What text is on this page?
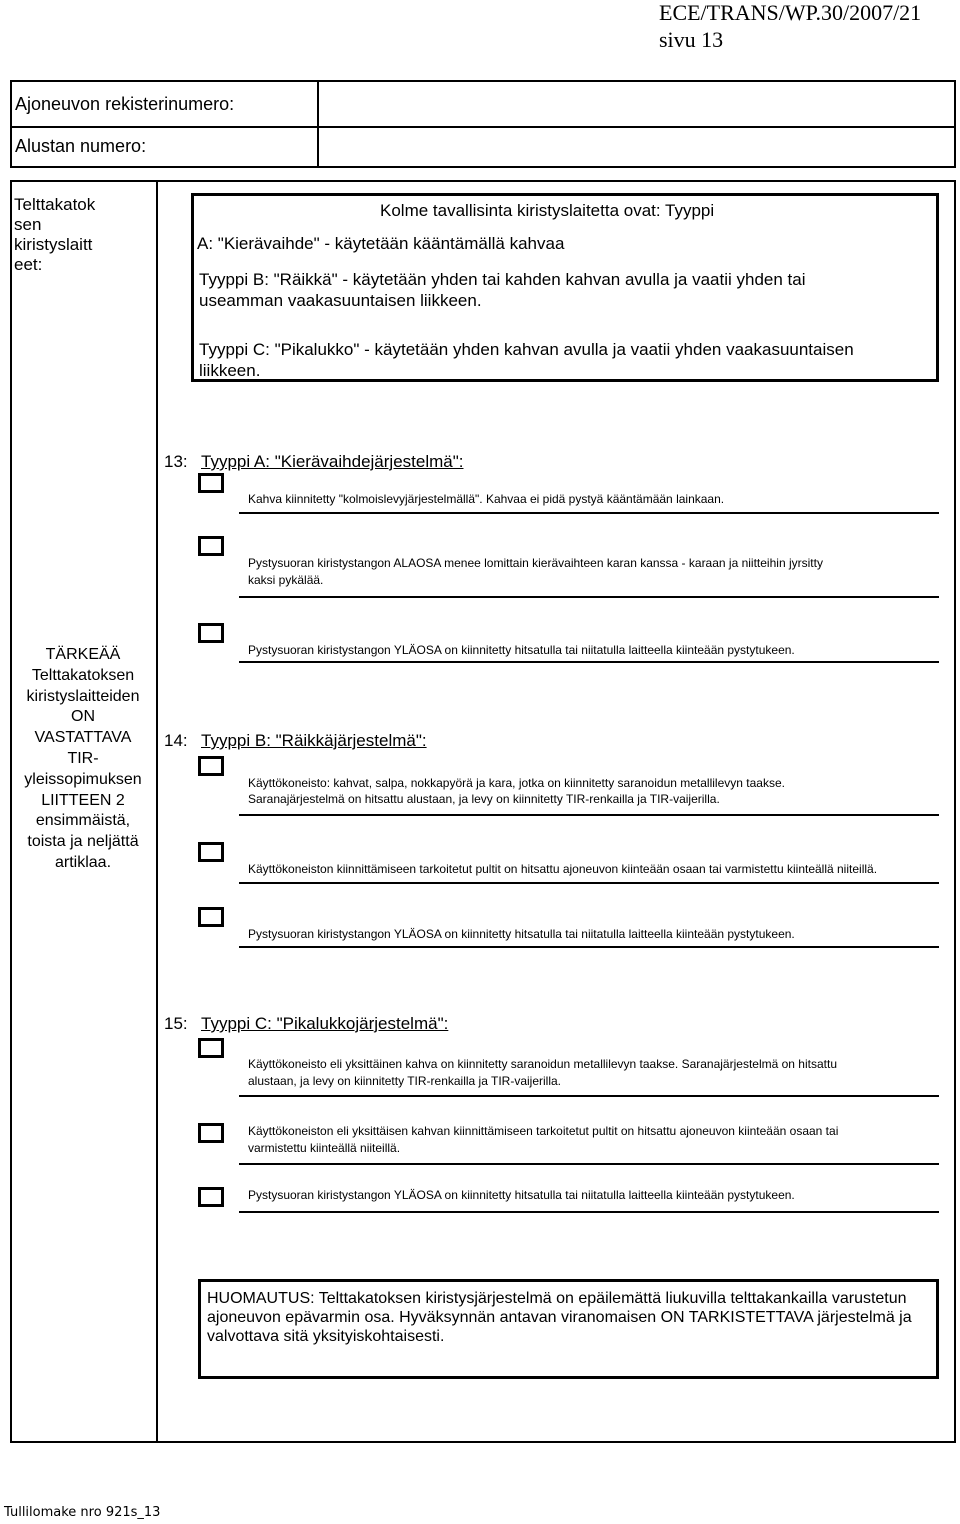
ECE/TRANS/WP.30/2007/21
sivu 13
Ajoneuvon rekisterinumero:
Alustan numero:
Telttakatok
sen
kiristyslaitt
eet:
Kolme tavallisinta kiristyslaitetta ovat: Tyyppi
A: "Kierävaihde" - käytetään kääntämällä kahvaa
Tyyppi B: "Räikkä" - käytetään yhden tai kahden kahvan avulla ja vaatii yhden tai
useamman vaakasuuntaisen liikkeen.
Tyyppi C: "Pikalukko" - käytetään yhden kahvan avulla ja vaatii yhden vaakasuuntaisen
liikkeen.
TÄRKEÄÄ
Telttakatoksen
kiristyslaitteiden
ON
VASTATTAVA
TIR-
yleissopimuksen
LIITTEEN 2
ensimmäistä,
toista ja neljättä
artiklaa.
13: Tyyppi A: "Kierävaihdejärjestelmä":
Kahva kiinnitetty "kolmoislevyjärjestelmällä". Kahvaa ei pidä pystyä kääntämään lainkaan.
Pystysuoran kiristystangon ALAOSA menee lomittain kierävaihteen karan kanssa - karaan ja niitteihin jyrsitty
kaksi pykälää.
Pystysuoran kiristystangon YLÄOSA on kiinnitetty hitsatulla tai niitatulla laitteella kiinteään pystytukeen.
14: Tyyppi B: "Räikkäjärjestelmä":
Käyttökoneisto: kahvat, salpa, nokkapyörä ja kara, jotka on kiinnitetty saranoidun metallilevyn taakse.
Saranajärjestelmä on hitsattu alustaan, ja levy on kiinnitetty TIR-renkailla ja TIR-vaijerilla.
Käyttökoneiston kiinnittämiseen tarkoitetut pultit on hitsattu ajoneuvon kiinteään osaan tai varmistettu kiinteällä niiteillä.
Pystysuoran kiristystangon YLÄOSA on kiinnitetty hitsatulla tai niitatulla laitteella kiinteään pystytukeen.
15: Tyyppi C: "Pikalukkojärjestelmä":
Käyttökoneisto eli yksittäinen kahva on kiinnitetty saranoidun metallilevyn taakse. Saranajärjestelmä on hitsattu
alustaan, ja levy on kiinnitetty TIR-renkailla ja TIR-vaijerilla.
Käyttökoneiston eli yksittäisen kahvan kiinnittämiseen tarkoitetut pultit on hitsattu ajoneuvon kiinteään osaan tai
varmistettu kiinteällä niiteillä.
Pystysuoran kiristystangon YLÄOSA on kiinnitetty hitsatulla tai niitatulla laitteella kiinteään pystytukeen.
HUOMAUTUS: Telttakatoksen kiristysjärjestelmä on epäilemättä liukuvilla telttakankailla varustetun
ajoneuvon epävarmin osa. Hyväksynnän antavan viranomaisen ON TARKISTETTAVA järjestelmä ja
valvottava sitä yksityiskohtaisesti.
Tullilomake nro 921s_13
